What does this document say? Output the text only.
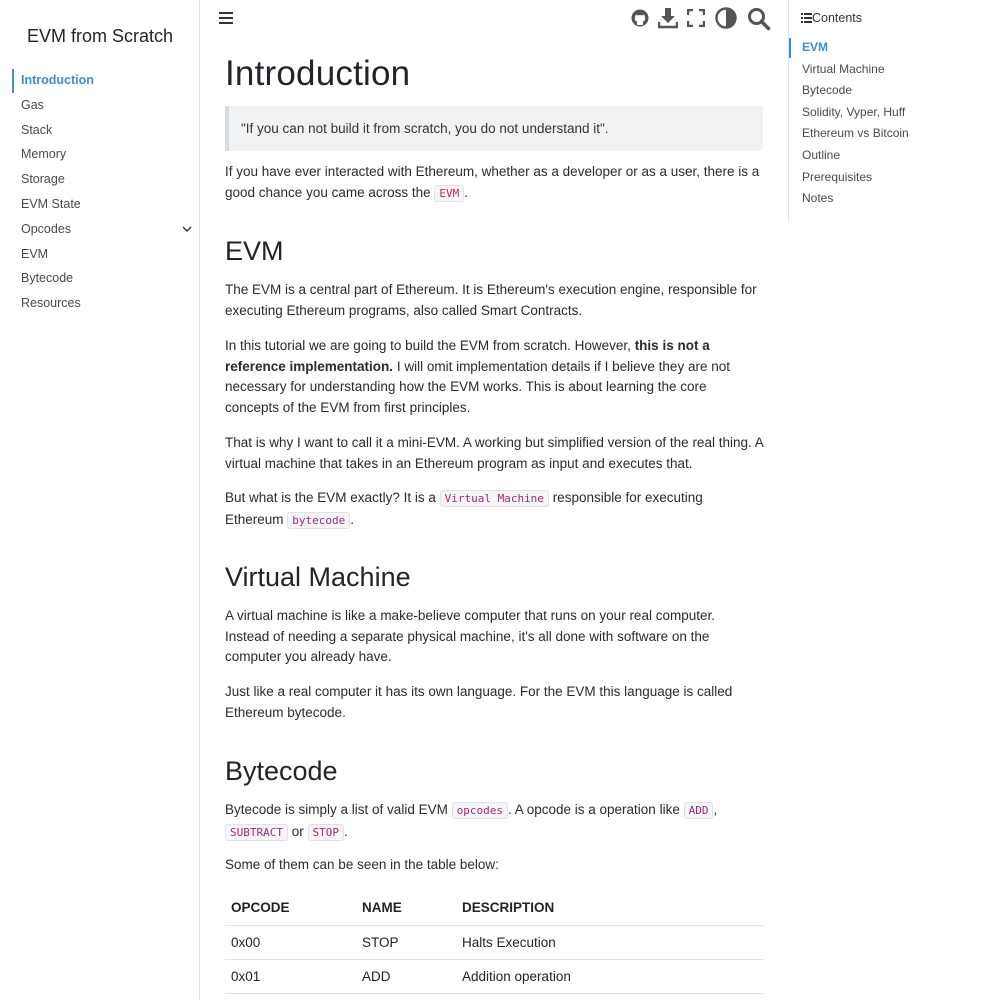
EVM from Scratch
Introduction
Gas
Stack
Memory
Storage
EVM State
Opcodes
EVM
Bytecode
Resources
Introduction
"If you can not build it from scratch, you do not understand it".
If you have ever interacted with Ethereum, whether as a developer or as a user, there is a good chance you came across the EVM .
EVM
The EVM is a central part of Ethereum. It is Ethereum's execution engine, responsible for executing Ethereum programs, also called Smart Contracts.
In this tutorial we are going to build the EVM from scratch. However, this is not a reference implementation. I will omit implementation details if I believe they are not necessary for understanding how the EVM works. This is about learning the core concepts of the EVM from first principles.
That is why I want to call it a mini-EVM. A working but simplified version of the real thing. A virtual machine that takes in an Ethereum program as input and executes that.
But what is the EVM exactly? It is a Virtual Machine responsible for executing Ethereum bytecode .
Virtual Machine
A virtual machine is like a make-believe computer that runs on your real computer. Instead of needing a separate physical machine, it's all done with software on the computer you already have.
Just like a real computer it has its own language. For the EVM this language is called Ethereum bytecode.
Bytecode
Bytecode is simply a list of valid EVM opcodes . A opcode is a operation like ADD , SUBTRACT or STOP .
Some of them can be seen in the table below:
OPCODE	NAME	DESCRIPTION
0x00	STOP	Halts Execution
0x01	ADD	Addition operation
Contents
EVM
Virtual Machine
Bytecode
Solidity, Vyper, Huff
Ethereum vs Bitcoin
Outline
Prerequisites
Notes
